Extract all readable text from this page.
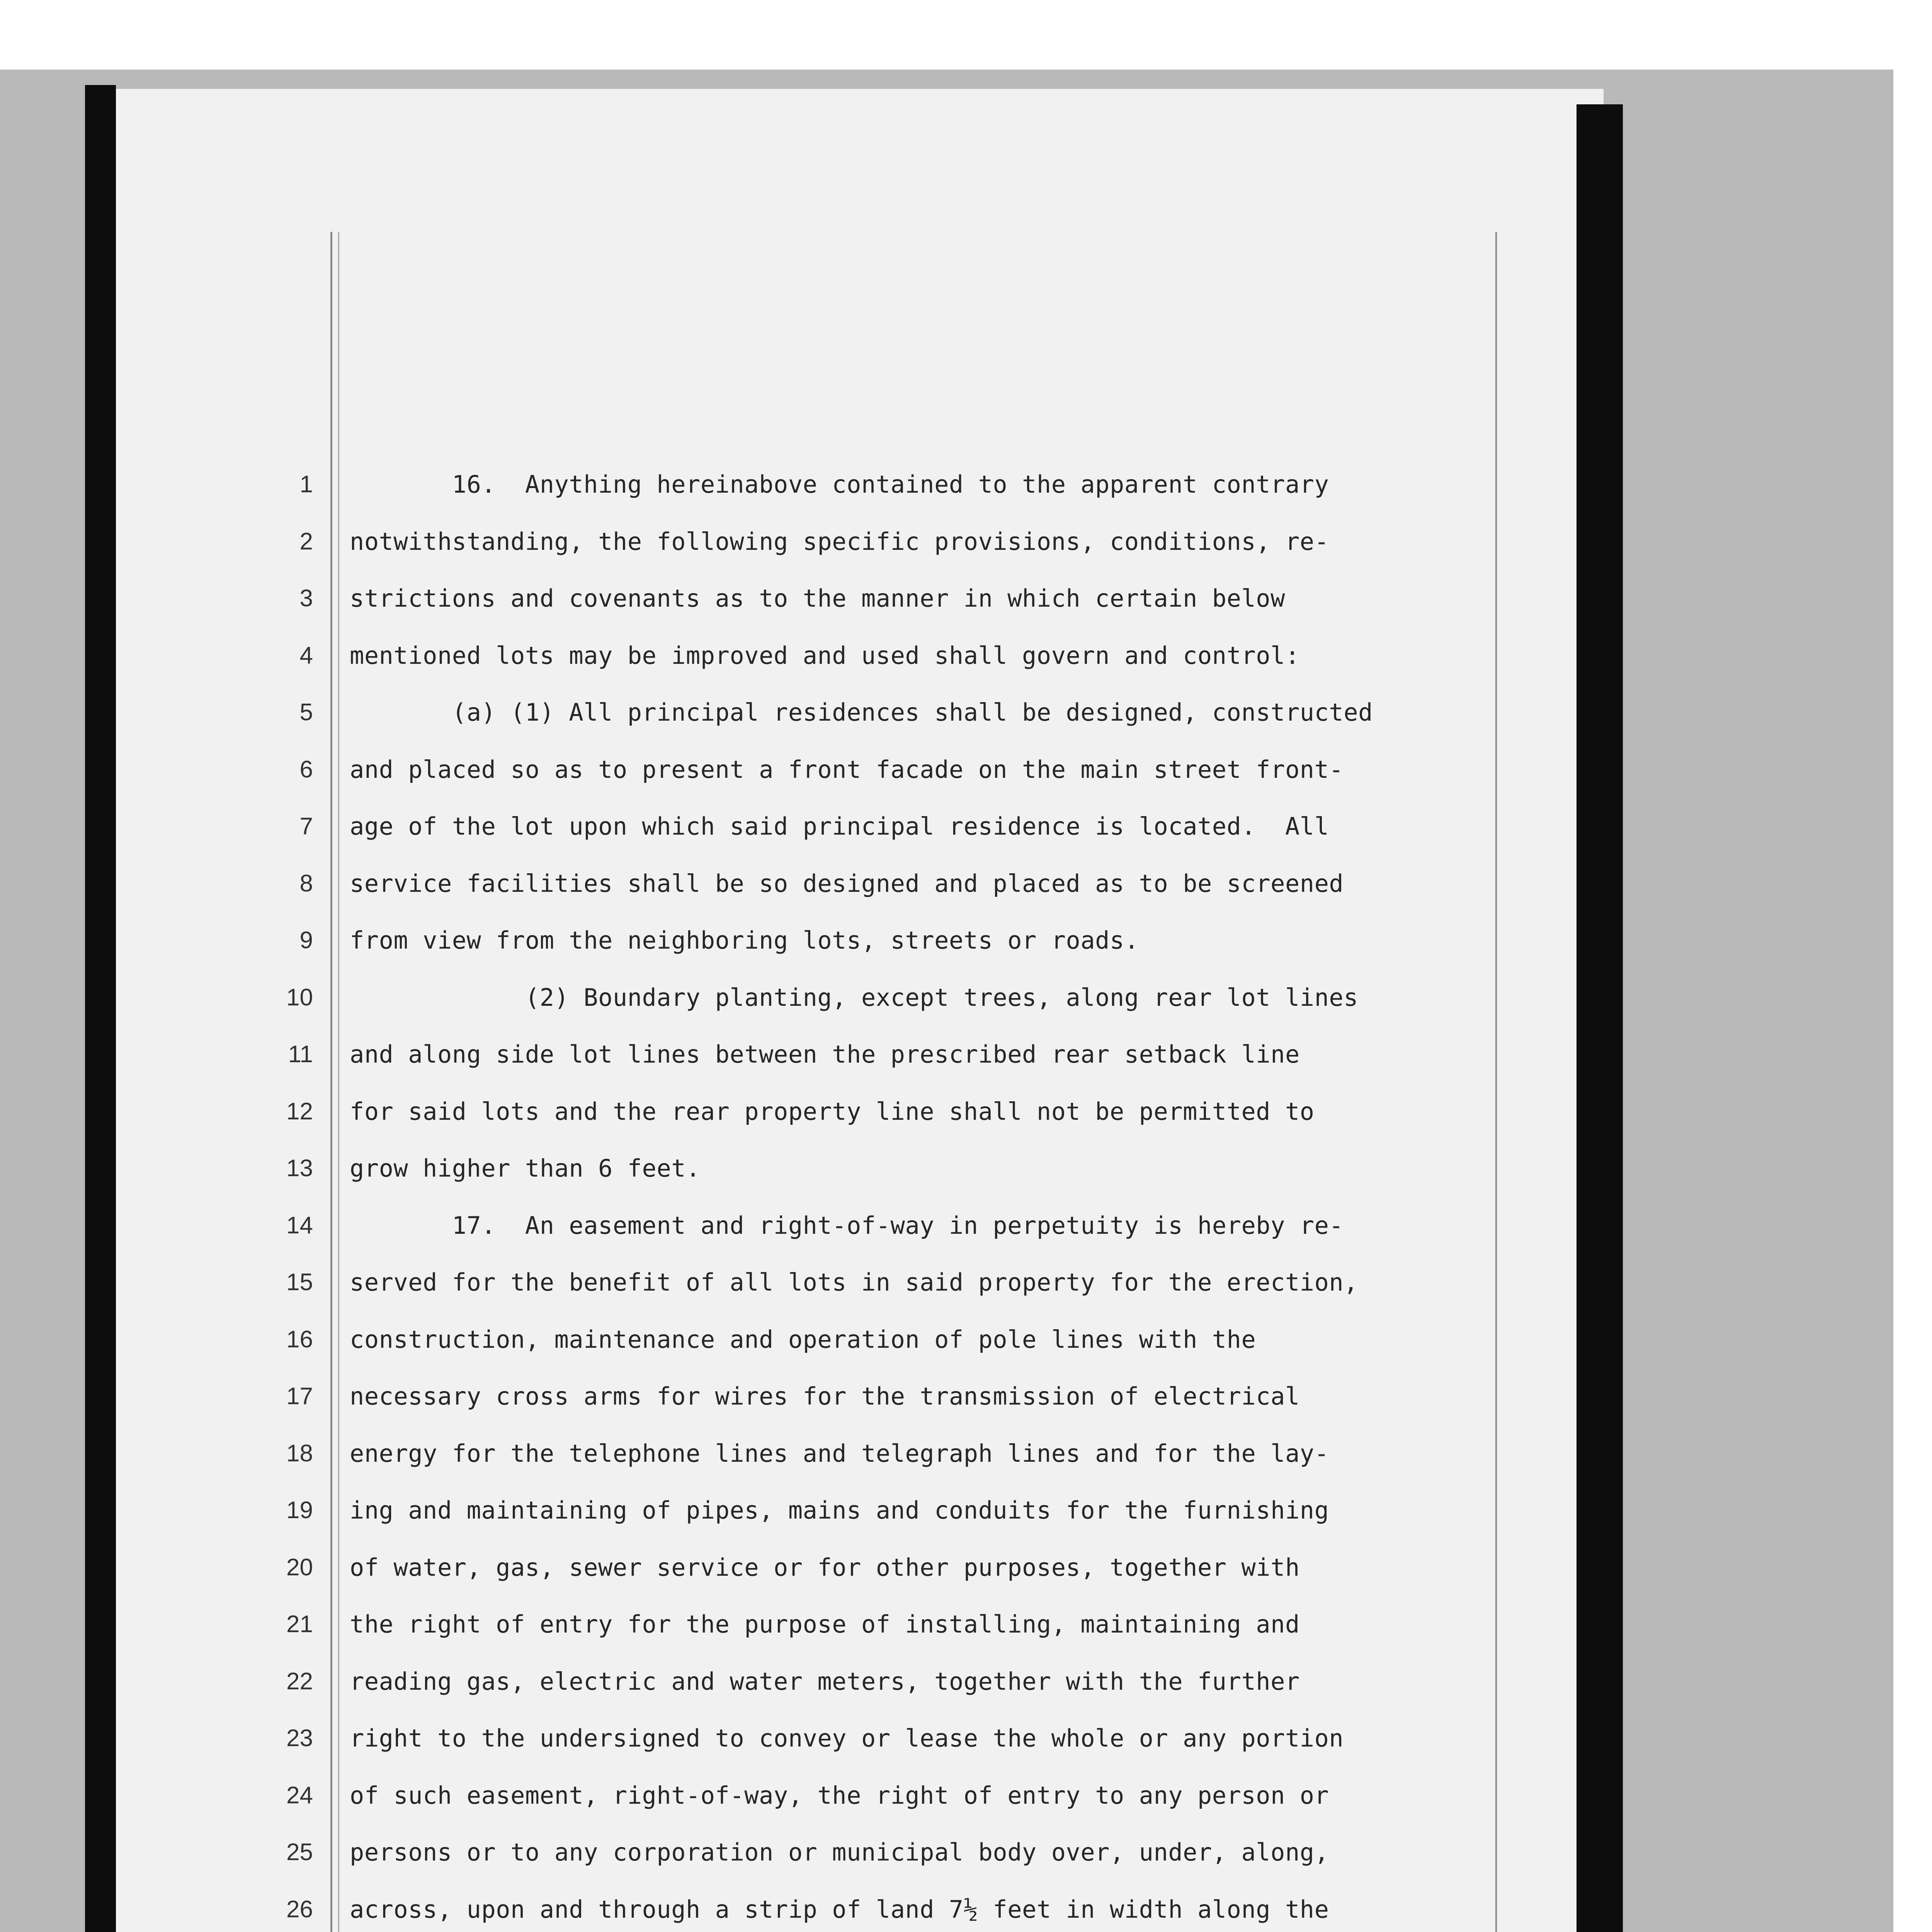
1
2
3
4
5
6
7
8
9
10
11
12
13
14
15
16
17
18
19
20
21
22
23
24
25
26
16.  Anything hereinabove contained to the apparent contrary
notwithstanding, the following specific provisions, conditions, re-
strictions and covenants as to the manner in which certain below
mentioned lots may be improved and used shall govern and control:
(a) (1) All principal residences shall be designed, constructed
and placed so as to present a front facade on the main street front-
age of the lot upon which said principal residence is located.  All
service facilities shall be so designed and placed as to be screened
from view from the neighboring lots, streets or roads.
(2) Boundary planting, except trees, along rear lot lines
and along side lot lines between the prescribed rear setback line
for said lots and the rear property line shall not be permitted to
grow higher than 6 feet.
17.  An easement and right-of-way in perpetuity is hereby re-
served for the benefit of all lots in said property for the erection,
construction, maintenance and operation of pole lines with the
necessary cross arms for wires for the transmission of electrical
energy for the telephone lines and telegraph lines and for the lay-
ing and maintaining of pipes, mains and conduits for the furnishing
of water, gas, sewer service or for other purposes, together with
the right of entry for the purpose of installing, maintaining and
reading gas, electric and water meters, together with the further
right to the undersigned to convey or lease the whole or any portion
of such easement, right-of-way, the right of entry to any person or
persons or to any corporation or municipal body over, under, along,
across, upon and through a strip of land 7½ feet in width along the
